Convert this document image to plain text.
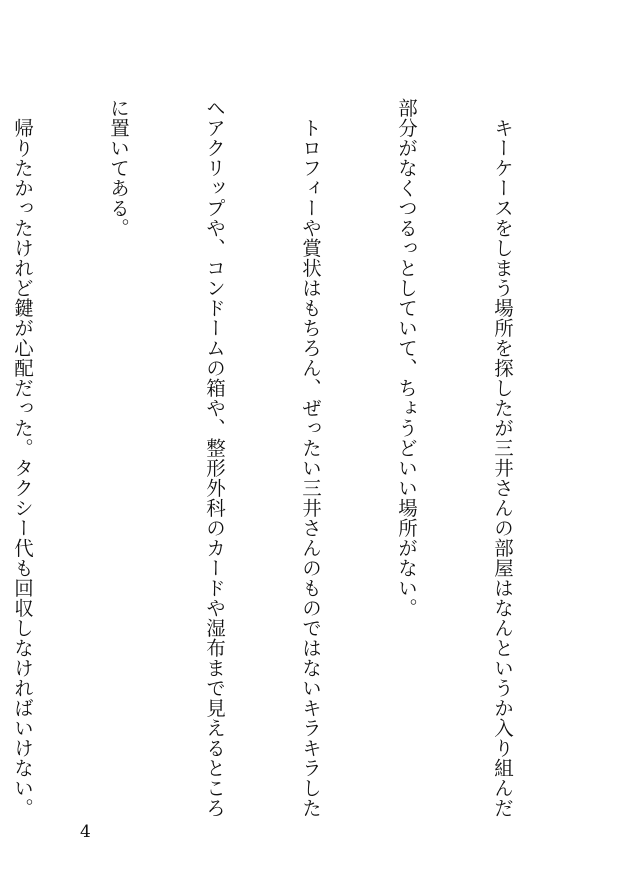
　キーケースをしまう場所を探したが三井さんの部屋はなんというか入り組んだ

部分がなくつるっとしていて、ちょうどいい場所がない。

　トロフィーや賞状はもちろん、ぜったい三井さんのものではないキラキラした

ヘアクリップや、コンドームの箱や、整形外科のカードや湿布まで見えるところ

に置いてある。

　帰りたかったけれど鍵が心配だった。タクシー代も回収しなければいけない。

4
